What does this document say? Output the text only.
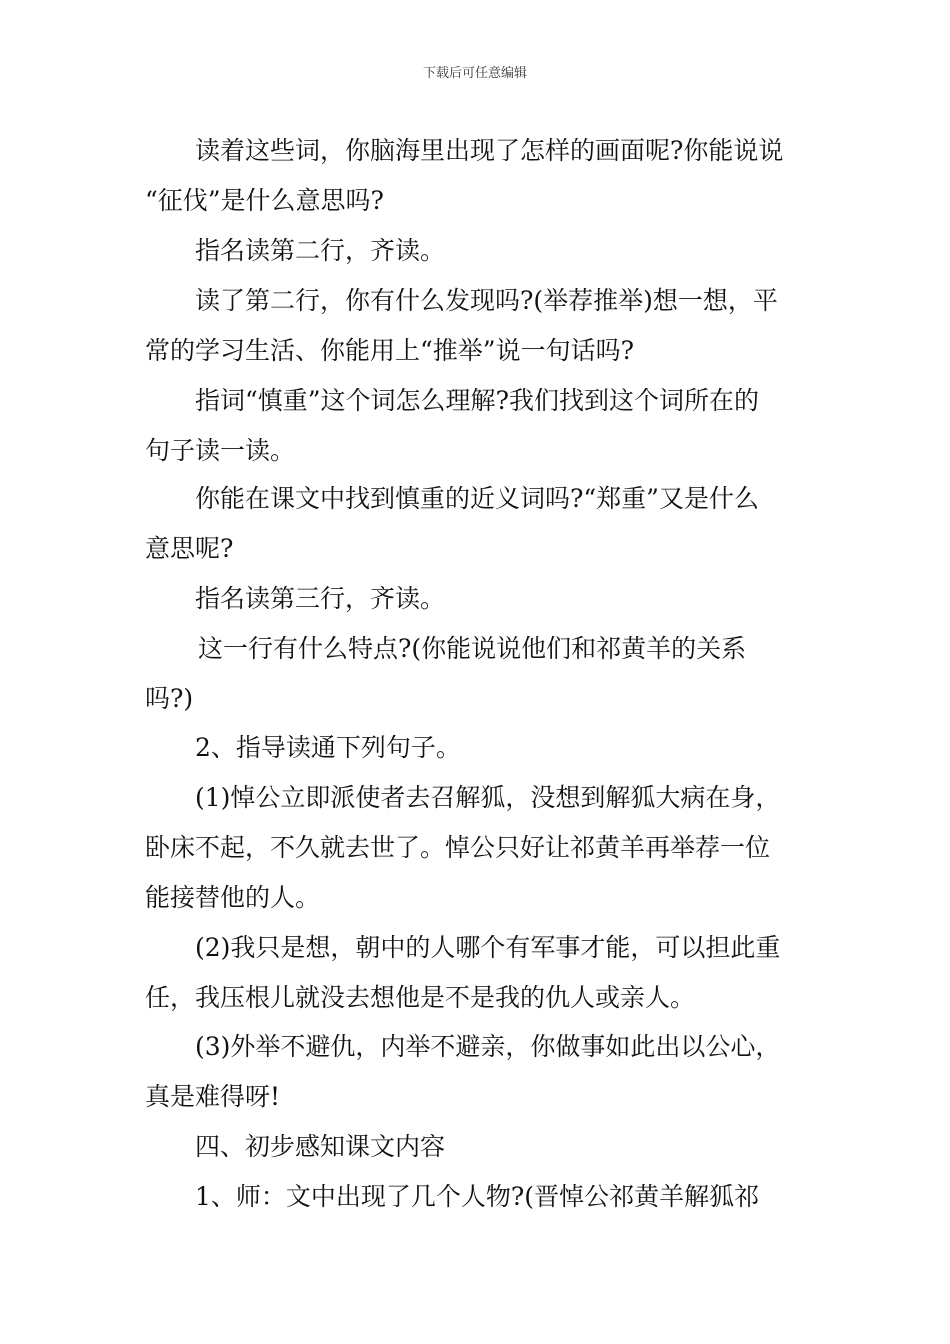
下载后可任意编辑
读着这些词，你脑海里出现了怎样的画面呢?你能说说
“征伐”是什么意思吗?
指名读第二行，齐读。
读了第二行，你有什么发现吗?(举荐推举)想一想，平
常的学习生活、你能用上“推举”说一句话吗?
指词“慎重”这个词怎么理解?我们找到这个词所在的
句子读一读。
你能在课文中找到慎重的近义词吗?“郑重”又是什么
意思呢?
指名读第三行，齐读。
这一行有什么特点?(你能说说他们和祁黄羊的关系
吗?)
2、指导读通下列句子。
(1)悼公立即派使者去召解狐，没想到解狐大病在身，
卧床不起，不久就去世了。悼公只好让祁黄羊再举荐一位
能接替他的人。
(2)我只是想，朝中的人哪个有军事才能，可以担此重
任，我压根儿就没去想他是不是我的仇人或亲人。
(3)外举不避仇，内举不避亲，你做事如此出以公心，
真是难得呀!
四、初步感知课文内容
1、师：文中出现了几个人物?(晋悼公祁黄羊解狐祁
